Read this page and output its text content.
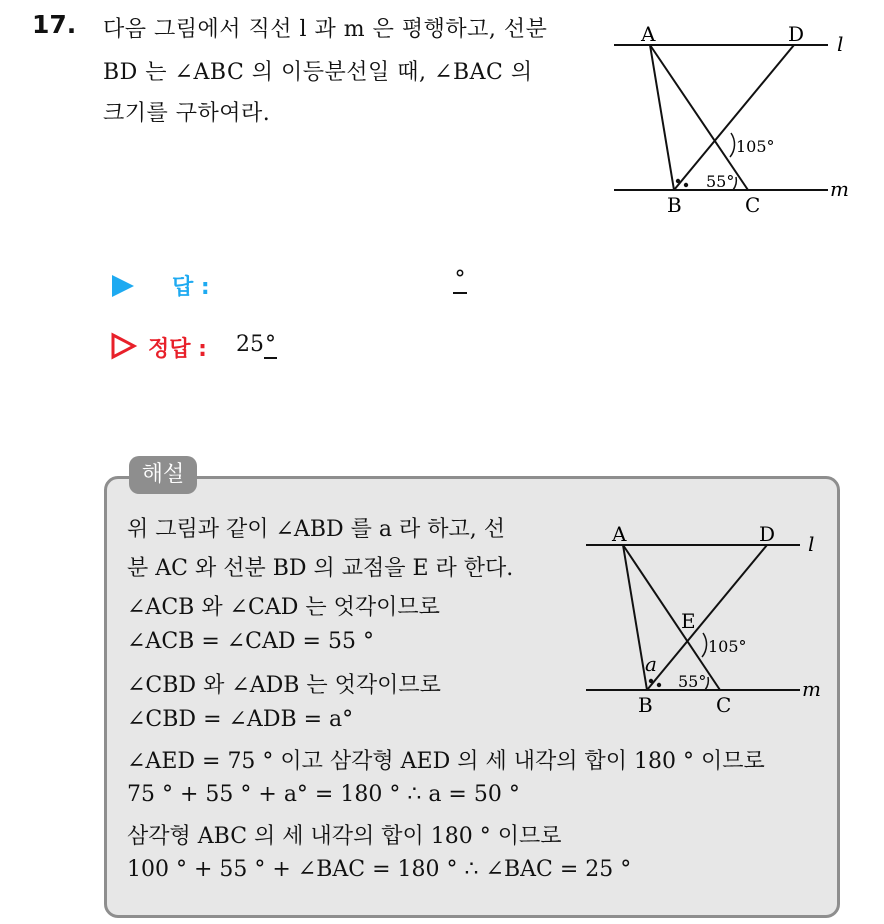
17. 다음 그림에서 직선 l 과 m 은 평행하고, 선분
BD 는 ∠ABC 의 이등분선일 때, ∠BAC 의
크기를 구하여라.
A	D
B	C
l
m
105°
55°
답 :	°
정답 : 25°
해설
위 그림과 같이 ∠ABD 를 a 라 하고, 선
분 AC 와 선분 BD 의 교점을 E 라 한다.
∠ACB 와 ∠CAD 는 엇각이므로
∠ACB = ∠CAD = 55 °
∠CBD 와 ∠ADB 는 엇각이므로
∠CBD = ∠ADB = a°
∠AED = 75 ° 이고 삼각형 AED 의 세 내각의 합이 180 ° 이므로
75 ° + 55 ° + a° = 180 ° ∴ a = 50 °
삼각형 ABC 의 세 내각의 합이 180 ° 이므로
100 ° + 55 ° + ∠BAC = 180 ° ∴ ∠BAC = 25 °
A	D
B	C
E
l
m
105°
55°
a
